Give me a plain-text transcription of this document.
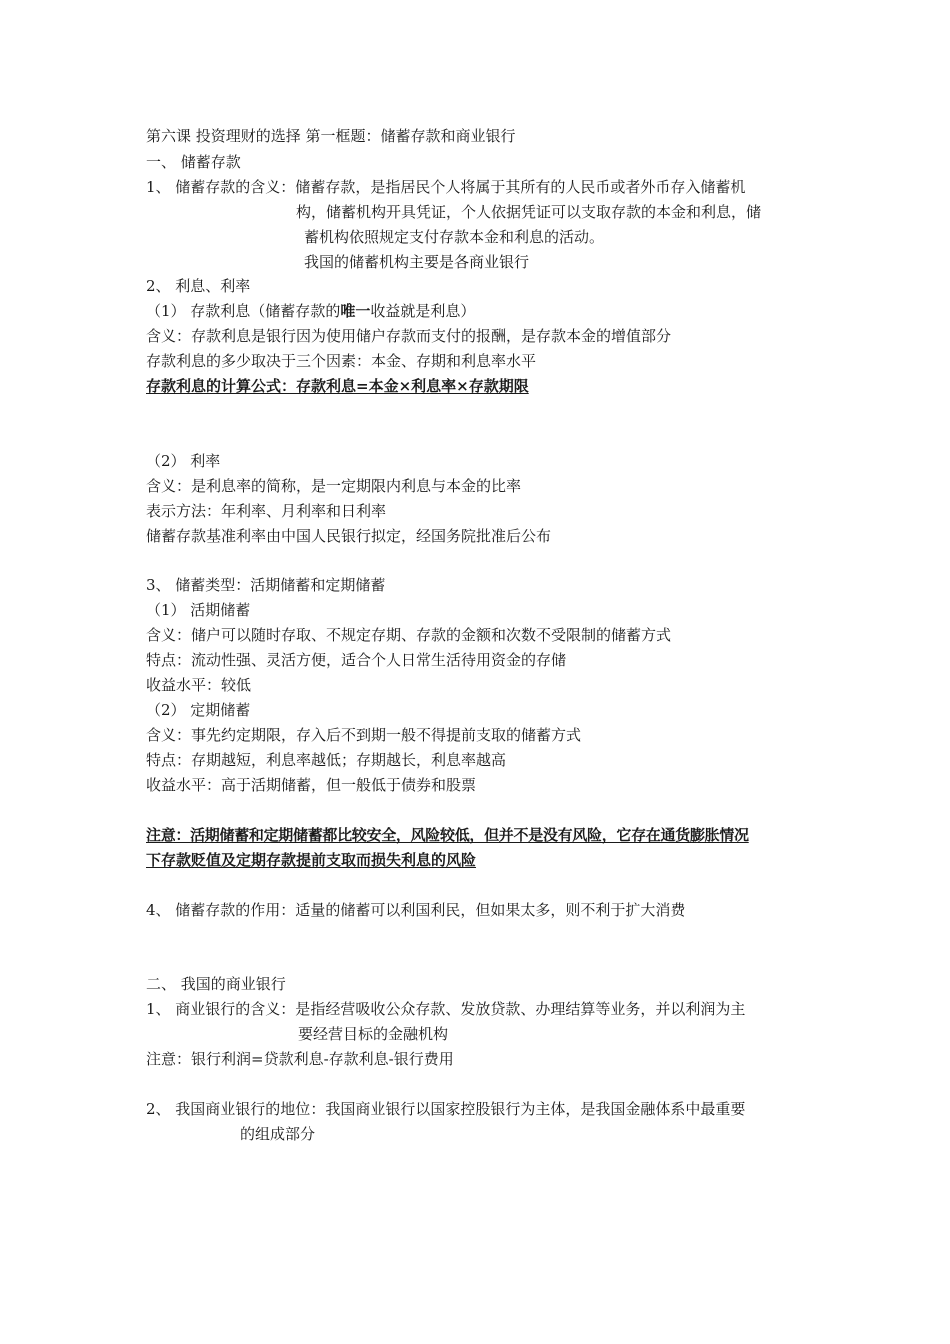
第六课 投资理财的选择 第一框题：储蓄存款和商业银行
一、 储蓄存款
1、 储蓄存款的含义：储蓄存款，是指居民个人将属于其所有的人民币或者外币存入储蓄机
构，储蓄机构开具凭证，个人依据凭证可以支取存款的本金和利息，储
蓄机构依照规定支付存款本金和利息的活动。
我国的储蓄机构主要是各商业银行
2、 利息、利率
（1） 存款利息（储蓄存款的唯一收益就是利息）
含义：存款利息是银行因为使用储户存款而支付的报酬，是存款本金的增值部分
存款利息的多少取决于三个因素：本金、存期和利息率水平
存款利息的计算公式：存款利息=本金×利息率×存款期限
（2） 利率
含义：是利息率的简称，是一定期限内利息与本金的比率
表示方法：年利率、月利率和日利率
储蓄存款基准利率由中国人民银行拟定，经国务院批准后公布
3、 储蓄类型：活期储蓄和定期储蓄
（1） 活期储蓄
含义：储户可以随时存取、不规定存期、存款的金额和次数不受限制的储蓄方式
特点：流动性强、灵活方便，适合个人日常生活待用资金的存储
收益水平：较低
（2） 定期储蓄
含义：事先约定期限，存入后不到期一般不得提前支取的储蓄方式
特点：存期越短，利息率越低；存期越长，利息率越高
收益水平：高于活期储蓄，但一般低于债券和股票
注意：活期储蓄和定期储蓄都比较安全，风险较低，但并不是没有风险，它存在通货膨胀情况
下存款贬值及定期存款提前支取而损失利息的风险
4、 储蓄存款的作用：适量的储蓄可以利国利民，但如果太多，则不利于扩大消费
二、 我国的商业银行
1、 商业银行的含义：是指经营吸收公众存款、发放贷款、办理结算等业务，并以利润为主
要经营目标的金融机构
注意：银行利润=贷款利息-存款利息-银行费用
2、 我国商业银行的地位：我国商业银行以国家控股银行为主体，是我国金融体系中最重要
的组成部分
